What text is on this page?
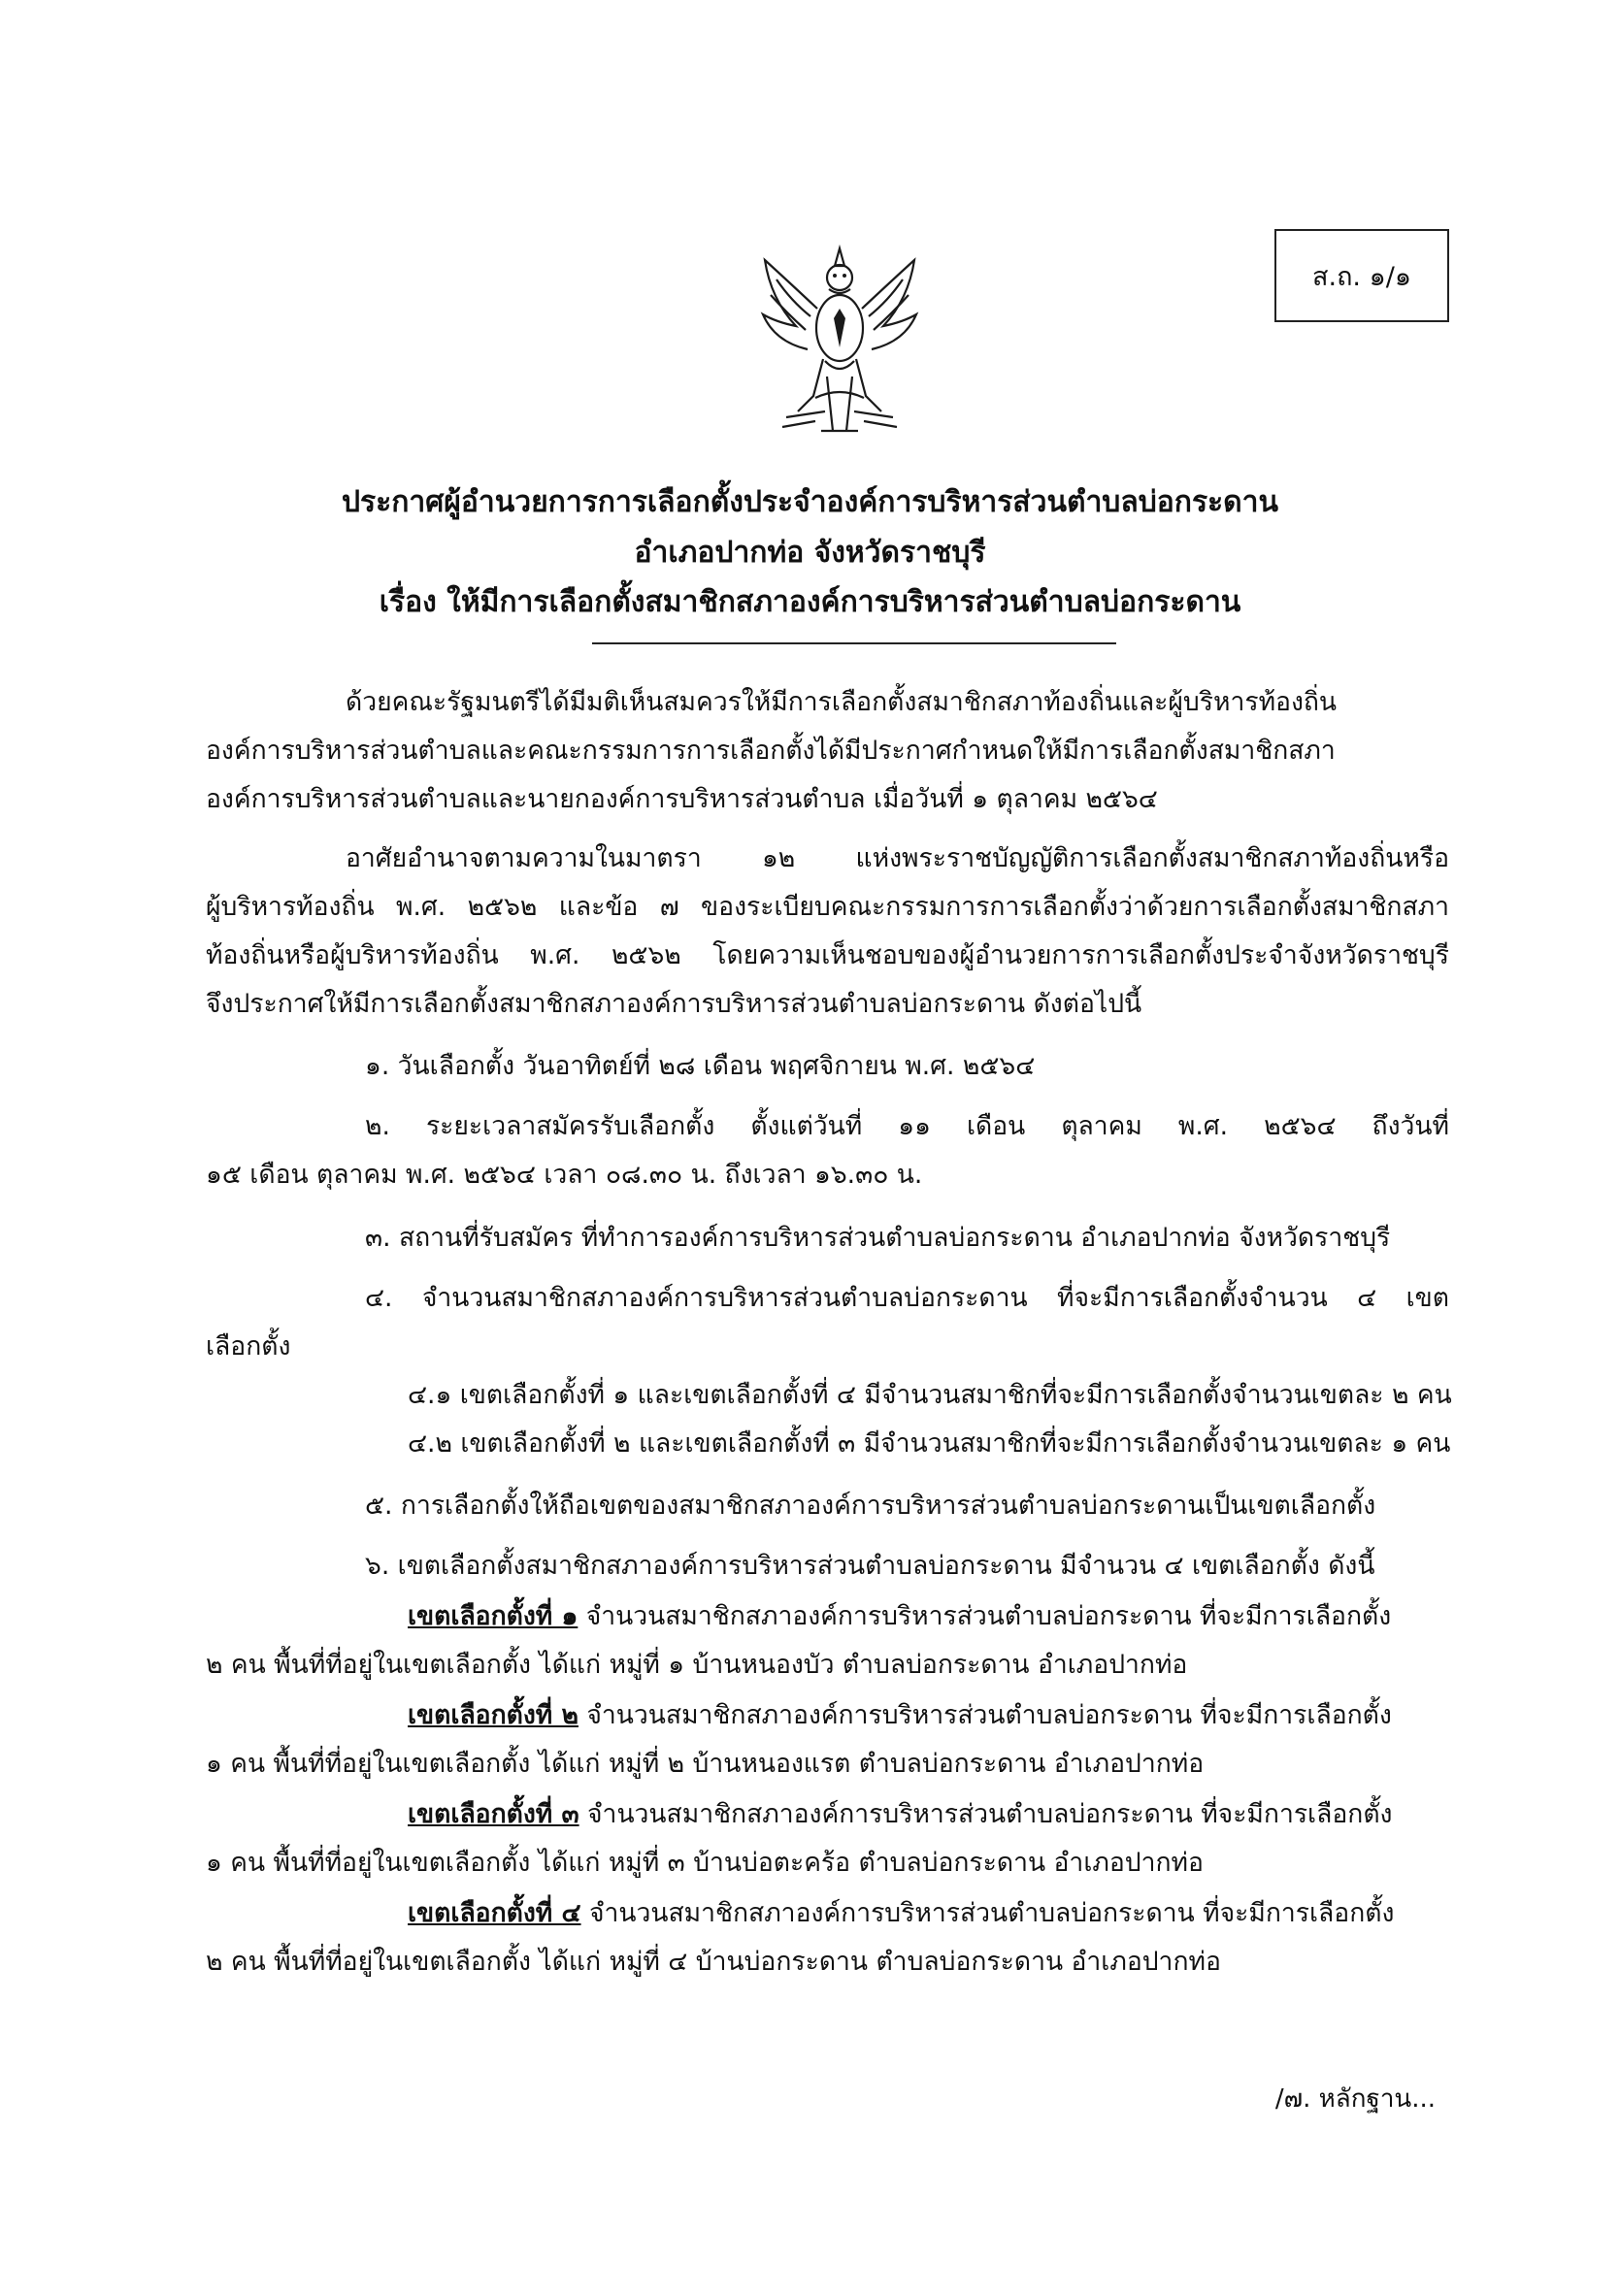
ส.ถ. ๑/๑
ประกาศผู้อำนวยการการเลือกตั้งประจำองค์การบริหารส่วนตำบลบ่อกระดาน
อำเภอปากท่อ จังหวัดราชบุรี
เรื่อง ให้มีการเลือกตั้งสมาชิกสภาองค์การบริหารส่วนตำบลบ่อกระดาน
ด้วยคณะรัฐมนตรีได้มีมติเห็นสมควรให้มีการเลือกตั้งสมาชิกสภาท้องถิ่นและผู้บริหารท้องถิ่น
องค์การบริหารส่วนตำบลและคณะกรรมการการเลือกตั้งได้มีประกาศกำหนดให้มีการเลือกตั้งสมาชิกสภา
องค์การบริหารส่วนตำบลและนายกองค์การบริหารส่วนตำบล เมื่อวันที่ ๑ ตุลาคม ๒๕๖๔
อาศัยอำนาจตามความในมาตรา ๑๒ แห่งพระราชบัญญัติการเลือกตั้งสมาชิกสภาท้องถิ่นหรือ
ผู้บริหารท้องถิ่น พ.ศ. ๒๕๖๒ และข้อ ๗ ของระเบียบคณะกรรมการการเลือกตั้งว่าด้วยการเลือกตั้งสมาชิกสภา
ท้องถิ่นหรือผู้บริหารท้องถิ่น พ.ศ. ๒๕๖๒ โดยความเห็นชอบของผู้อำนวยการการเลือกตั้งประจำจังหวัดราชบุรี
จึงประกาศให้มีการเลือกตั้งสมาชิกสภาองค์การบริหารส่วนตำบลบ่อกระดาน ดังต่อไปนี้
๑. วันเลือกตั้ง วันอาทิตย์ที่ ๒๘ เดือน พฤศจิกายน พ.ศ. ๒๕๖๔
๒. ระยะเวลาสมัครรับเลือกตั้ง ตั้งแต่วันที่ ๑๑ เดือน ตุลาคม พ.ศ. ๒๕๖๔ ถึงวันที่
๑๕ เดือน ตุลาคม พ.ศ. ๒๕๖๔ เวลา ๐๘.๓๐ น. ถึงเวลา ๑๖.๓๐ น.
๓. สถานที่รับสมัคร ที่ทำการองค์การบริหารส่วนตำบลบ่อกระดาน อำเภอปากท่อ จังหวัดราชบุรี
๔. จำนวนสมาชิกสภาองค์การบริหารส่วนตำบลบ่อกระดาน ที่จะมีการเลือกตั้งจำนวน ๔ เขต
เลือกตั้ง
๔.๑ เขตเลือกตั้งที่ ๑ และเขตเลือกตั้งที่ ๔ มีจำนวนสมาชิกที่จะมีการเลือกตั้งจำนวนเขตละ ๒ คน
๔.๒ เขตเลือกตั้งที่ ๒ และเขตเลือกตั้งที่ ๓ มีจำนวนสมาชิกที่จะมีการเลือกตั้งจำนวนเขตละ ๑ คน
๕. การเลือกตั้งให้ถือเขตของสมาชิกสภาองค์การบริหารส่วนตำบลบ่อกระดานเป็นเขตเลือกตั้ง
๖. เขตเลือกตั้งสมาชิกสภาองค์การบริหารส่วนตำบลบ่อกระดาน มีจำนวน ๔ เขตเลือกตั้ง ดังนี้
เขตเลือกตั้งที่ ๑ จำนวนสมาชิกสภาองค์การบริหารส่วนตำบลบ่อกระดาน ที่จะมีการเลือกตั้ง
๒ คน พื้นที่ที่อยู่ในเขตเลือกตั้ง ได้แก่ หมู่ที่ ๑ บ้านหนองบัว ตำบลบ่อกระดาน อำเภอปากท่อ
เขตเลือกตั้งที่ ๒ จำนวนสมาชิกสภาองค์การบริหารส่วนตำบลบ่อกระดาน ที่จะมีการเลือกตั้ง
๑ คน พื้นที่ที่อยู่ในเขตเลือกตั้ง ได้แก่ หมู่ที่ ๒ บ้านหนองแรต ตำบลบ่อกระดาน อำเภอปากท่อ
เขตเลือกตั้งที่ ๓ จำนวนสมาชิกสภาองค์การบริหารส่วนตำบลบ่อกระดาน ที่จะมีการเลือกตั้ง
๑ คน พื้นที่ที่อยู่ในเขตเลือกตั้ง ได้แก่ หมู่ที่ ๓ บ้านบ่อตะคร้อ ตำบลบ่อกระดาน อำเภอปากท่อ
เขตเลือกตั้งที่ ๔ จำนวนสมาชิกสภาองค์การบริหารส่วนตำบลบ่อกระดาน ที่จะมีการเลือกตั้ง
๒ คน พื้นที่ที่อยู่ในเขตเลือกตั้ง ได้แก่ หมู่ที่ ๔ บ้านบ่อกระดาน ตำบลบ่อกระดาน อำเภอปากท่อ
/๗. หลักฐาน...
